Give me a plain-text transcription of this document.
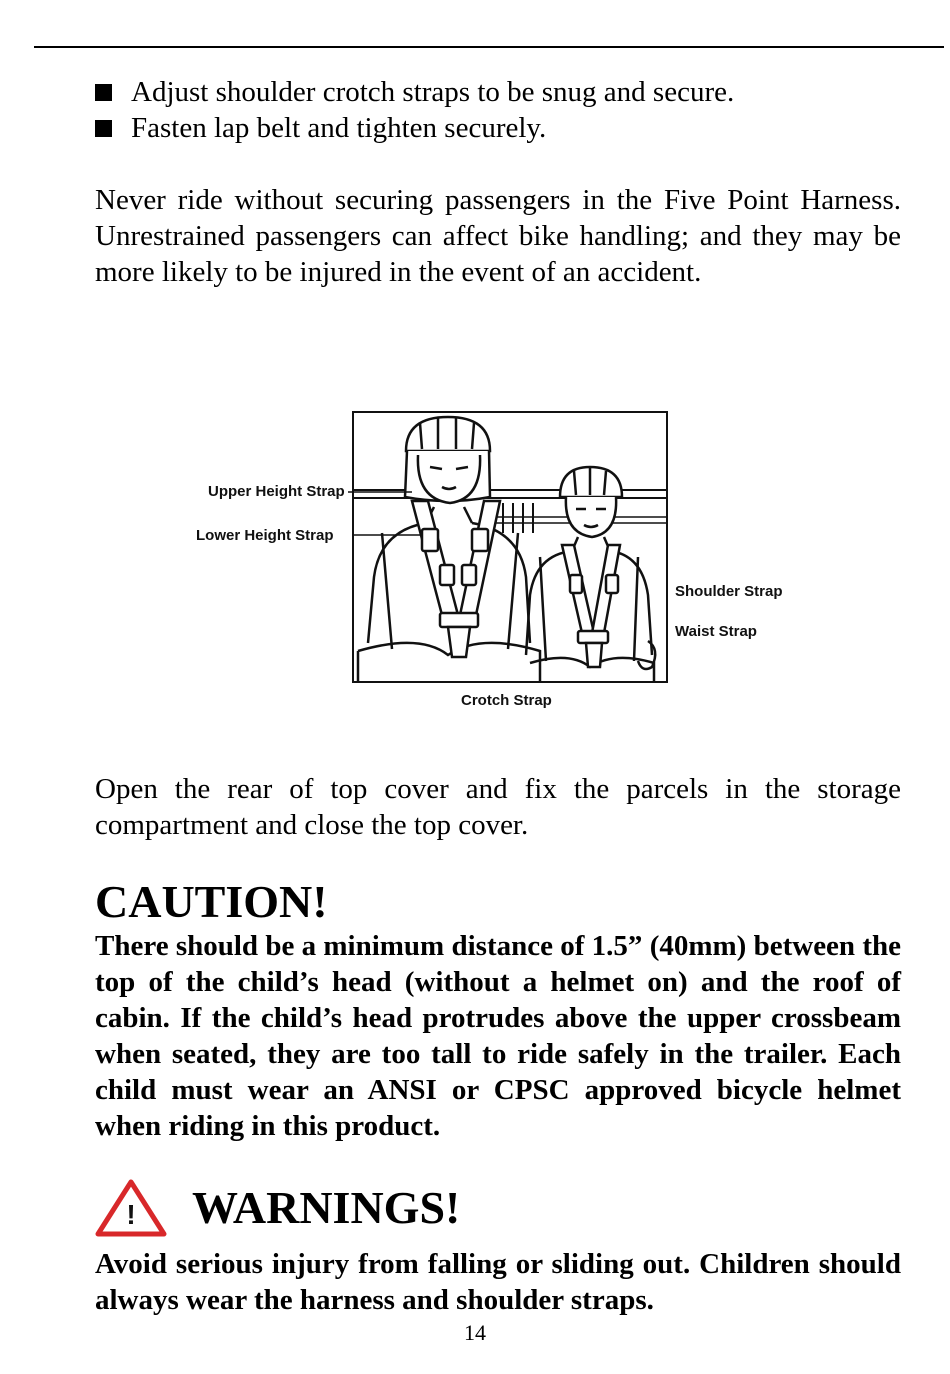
Adjust shoulder crotch straps to be snug and secure.
Fasten lap belt and tighten securely.
Never ride without securing passengers in the Five Point Harness. Unrestrained passengers can affect bike handling; and they may be more likely to be injured in the event of an accident.
Upper Height Strap
Lower Height Strap
Shoulder Strap
Waist Strap
Crotch Strap
Open the rear of top cover and fix the parcels in the storage compartment and close the top cover.
CAUTION!
There should be a minimum distance of 1.5” (40mm) between the top of the child’s head (without a helmet on) and the roof of cabin. If the child’s head protrudes above the upper crossbeam when seated, they are too tall to ride safely in the trailer. Each child must wear an ANSI or CPSC approved bicycle helmet when riding in this product.
! WARNINGS!
Avoid serious injury from falling or sliding out. Children should always wear the harness and shoulder straps.
14
